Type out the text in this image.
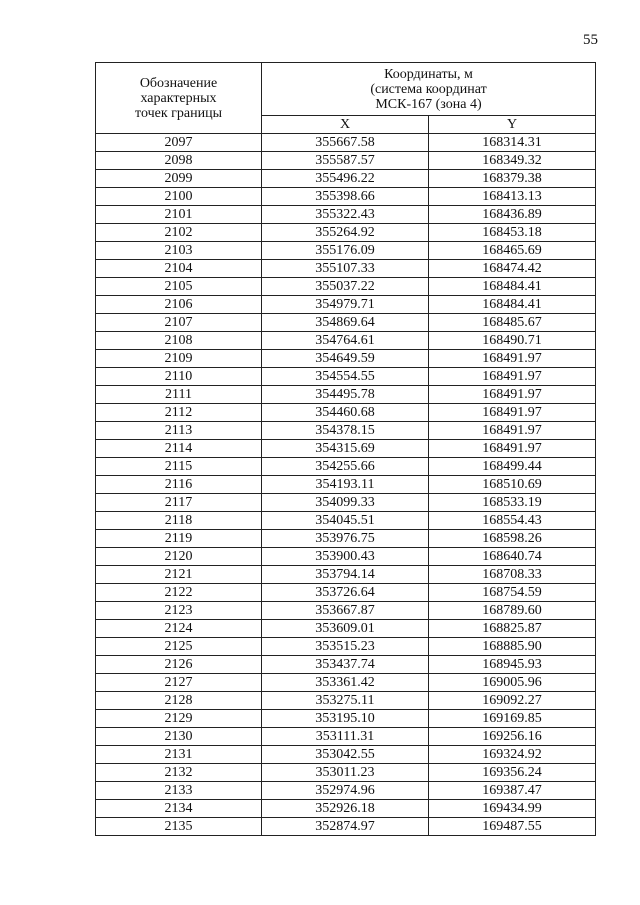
55
Обозначение
характерных
точек границы	Координаты, м
(система координат
МСК-167 (зона 4)	

	X	Y
2097	355667.58	168314.31
2098	355587.57	168349.32
2099	355496.22	168379.38
2100	355398.66	168413.13
2101	355322.43	168436.89
2102	355264.92	168453.18
2103	355176.09	168465.69
2104	355107.33	168474.42
2105	355037.22	168484.41
2106	354979.71	168484.41
2107	354869.64	168485.67
2108	354764.61	168490.71
2109	354649.59	168491.97
2110	354554.55	168491.97
2111	354495.78	168491.97
2112	354460.68	168491.97
2113	354378.15	168491.97
2114	354315.69	168491.97
2115	354255.66	168499.44
2116	354193.11	168510.69
2117	354099.33	168533.19
2118	354045.51	168554.43
2119	353976.75	168598.26
2120	353900.43	168640.74
2121	353794.14	168708.33
2122	353726.64	168754.59
2123	353667.87	168789.60
2124	353609.01	168825.87
2125	353515.23	168885.90
2126	353437.74	168945.93
2127	353361.42	169005.96
2128	353275.11	169092.27
2129	353195.10	169169.85
2130	353111.31	169256.16
2131	353042.55	169324.92
2132	353011.23	169356.24
2133	352974.96	169387.47
2134	352926.18	169434.99
2135	352874.97	169487.55
